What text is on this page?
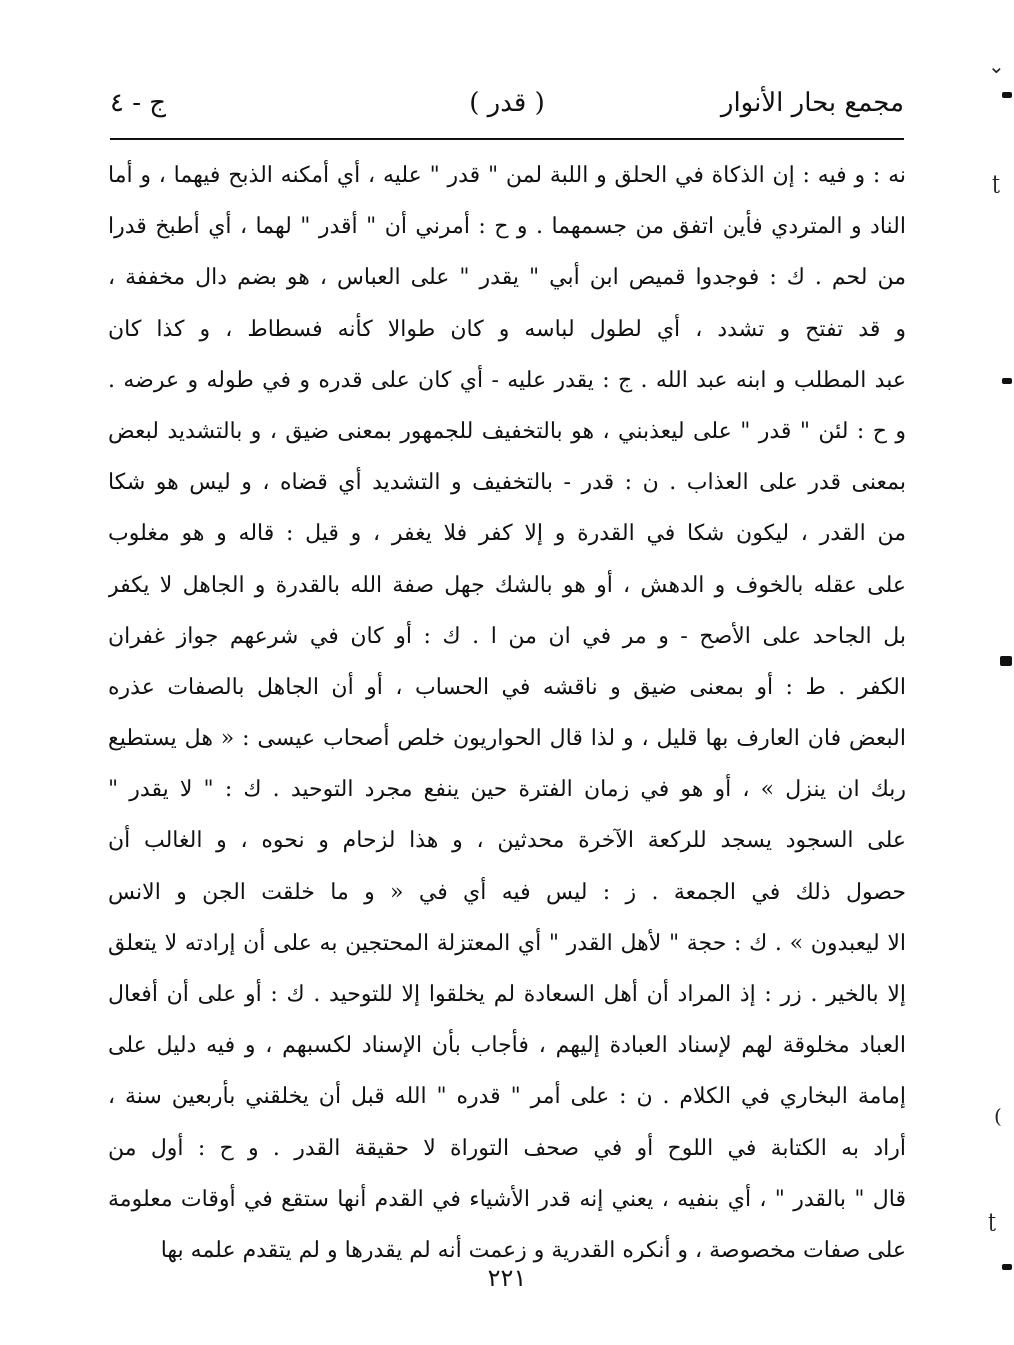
مجمع بحار الأنوار
( قدر )
ج - ٤
نه : و فيه : إن الذكاة في الحلق و اللبة لمن " قدر " عليه ، أي أمكنه الذبح فيهما ، و أما
الناد و المتردي فأين اتفق من جسمهما . و ح : أمرني أن " أقدر " لهما ، أي أطبخ قدرا
من لحم . ك : فوجدوا قميص ابن أبي " يقدر " على العباس ، هو بضم دال مخففة ،
و قد تفتح و تشدد ، أي لطول لباسه و كان طوالا كأنه فسطاط ، و كذا كان
عبد المطلب و ابنه عبد الله . ج : يقدر عليه - أي كان على قدره و في طوله و عرضه .
و ح : لئن " قدر " على ليعذبني ، هو بالتخفيف للجمهور بمعنى ضيق ، و بالتشديد لبعض
بمعنى قدر على العذاب . ن : قدر - بالتخفيف و التشديد أي قضاه ، و ليس هو شكا
من القدر ، ليكون شكا في القدرة و إلا كفر فلا يغفر ، و قيل : قاله و هو مغلوب
على عقله بالخوف و الدهش ، أو هو بالشك جهل صفة الله بالقدرة و الجاهل لا يكفر
بل الجاحد على الأصح - و مر في ان من ا . ك : أو كان في شرعهم جواز غفران
الكفر . ط : أو بمعنى ضيق و ناقشه في الحساب ، أو أن الجاهل بالصفات عذره
البعض فان العارف بها قليل ، و لذا قال الحواريون خلص أصحاب عيسى : « هل يستطيع
ربك ان ينزل » ، أو هو في زمان الفترة حين ينفع مجرد التوحيد . ك : " لا يقدر "
على السجود يسجد للركعة الآخرة محدثين ، و هذا لزحام و نحوه ، و الغالب أن
حصول ذلك في الجمعة . ز : ليس فيه أي في « و ما خلقت الجن و الانس
الا ليعبدون » . ك : حجة " لأهل القدر " أي المعتزلة المحتجين به على أن إرادته لا يتعلق
إلا بالخير . زر : إذ المراد أن أهل السعادة لم يخلقوا إلا للتوحيد . ك : أو على أن أفعال
العباد مخلوقة لهم لإسناد العبادة إليهم ، فأجاب بأن الإسناد لكسبهم ، و فيه دليل على
إمامة البخاري في الكلام . ن : على أمر " قدره " الله قبل أن يخلقني بأربعين سنة ،
أراد به الكتابة في اللوح أو في صحف التوراة لا حقيقة القدر . و ح : أول من
قال " بالقدر " ، أي بنفيه ، يعني إنه قدر الأشياء في القدم أنها ستقع في أوقات معلومة
على صفات مخصوصة ، و أنكره القدرية و زعمت أنه لم يقدرها و لم يتقدم علمه بها
٢٢١
⌄
ʈ
(
ʈ
